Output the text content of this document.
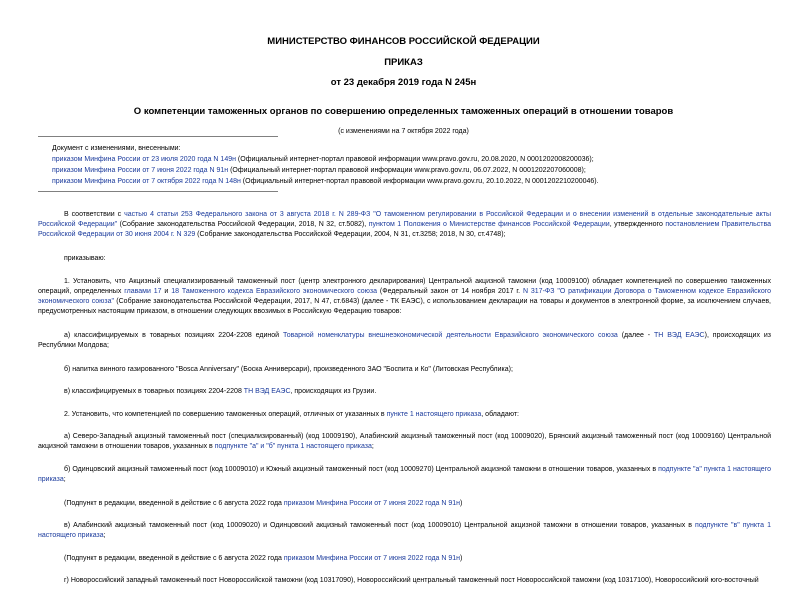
МИНИСТЕРСТВО ФИНАНСОВ РОССИЙСКОЙ ФЕДЕРАЦИИ
ПРИКАЗ
от 23 декабря 2019 года N 245н
О компетенции таможенных органов по совершению определенных таможенных операций в отношении товаров
(с изменениями на 7 октября 2022 года)
Документ с изменениями, внесенными:
приказом Минфина России от 23 июля 2020 года N 149н (Официальный интернет-портал правовой информации www.pravo.gov.ru, 20.08.2020, N 0001202008200036);
приказом Минфина России от 7 июня 2022 года N 91н (Официальный интернет-портал правовой информации www.pravo.gov.ru, 06.07.2022, N 0001202207060008);
приказом Минфина России от 7 октября 2022 года N 148н (Официальный интернет-портал правовой информации www.pravo.gov.ru, 20.10.2022, N 0001202210200046).

В соответствии с частью 4 статьи 253 Федерального закона от 3 августа 2018 г. N 289-ФЗ "О таможенном регулировании в Российской Федерации и о внесении изменений в отдельные законодательные акты Российской Федерации" (Собрание законодательства Российской Федерации, 2018, N 32, ст.5082), пунктом 1 Положения о Министерстве финансов Российской Федерации, утвержденного постановлением Правительства Российской Федерации от 30 июня 2004 г. N 329 (Собрание законодательства Российской Федерации, 2004, N 31, ст.3258; 2018, N 30, ст.4748);

приказываю:

1. Установить, что Акцизный специализированный таможенный пост (центр электронного декларирования) Центральной акцизной таможни (код 10009100) обладает компетенцией по совершению таможенных операций, определенных главами 17 и 18 Таможенного кодекса Евразийского экономического союза (Федеральный закон от 14 ноября 2017 г. N 317-ФЗ "О ратификации Договора о Таможенном кодексе Евразийского экономического союза" (Собрание законодательства Российской Федерации, 2017, N 47, ст.6843) (далее - ТК ЕАЭС), с использованием декларации на товары и документов в электронной форме, за исключением случаев, предусмотренных настоящим приказом, в отношении следующих ввозимых в Российскую Федерацию товаров:

а) классифицируемых в товарных позициях 2204-2208 единой Товарной номенклатуры внешнеэкономической деятельности Евразийского экономического союза (далее - ТН ВЭД ЕАЭС), происходящих из Республики Молдова;

б) напитка винного газированного "Bosca Anniversary" (Боска Анниверсари), произведенного ЗАО "Боспита и Ко" (Литовская Республика);

в) классифицируемых в товарных позициях 2204-2208 ТН ВЭД ЕАЭС, происходящих из Грузии.

2. Установить, что компетенцией по совершению таможенных операций, отличных от указанных в пункте 1 настоящего приказа, обладают:

а) Северо-Западный акцизный таможенный пост (специализированный) (код 10009190), Алабинский акцизный таможенный пост (код 10009020), Брянский акцизный таможенный пост (код 10009160) Центральной акцизной таможни в отношении товаров, указанных в подпункте "а" и "б" пункта 1 настоящего приказа;

б) Одинцовский акцизный таможенный пост (код 10009010) и Южный акцизный таможенный пост (код 10009270) Центральной акцизной таможни в отношении товаров, указанных в подпункте "а" пункта 1 настоящего приказа;

(Подпункт в редакции, введенной в действие с 6 августа 2022 года приказом Минфина России от 7 июня 2022 года N 91н)

в) Алабинский акцизный таможенный пост (код 10009020) и Одинцовский акцизный таможенный пост (код 10009010) Центральной акцизной таможни в отношении товаров, указанных в подпункте "в" пункта 1 настоящего приказа;

(Подпункт в редакции, введенной в действие с 6 августа 2022 года приказом Минфина России от 7 июня 2022 года N 91н)

г) Новороссийский западный таможенный пост Новороссийской таможни (код 10317090), Новороссийский центральный таможенный пост Новороссийской таможни (код 10317100), Новороссийский юго-восточный
